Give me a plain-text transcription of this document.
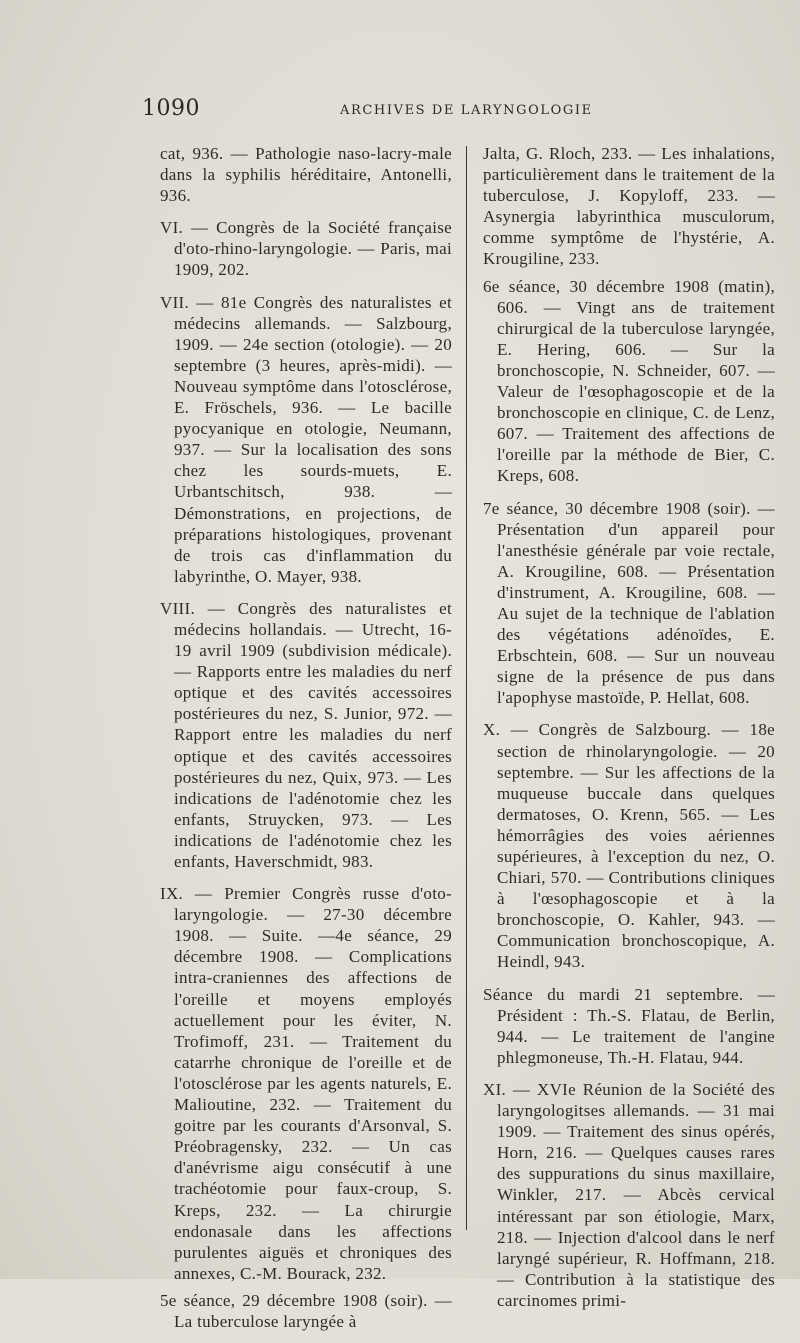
1090	ARCHIVES DE LARYNGOLOGIE

cat, 936. — Pathologie naso-lacry-male dans la syphilis héréditaire, Antonelli, 936.

VI. — Congrès de la Société française d'oto-rhino-laryngologie. — Paris, mai 1909, 202.

VII. — 81e Congrès des naturalistes et médecins allemands. — Salzbourg, 1909. — 24e section (otologie). — 20 septembre (3 heures, après-midi). — Nouveau symptôme dans l'otosclérose, E. Fröschels, 936. — Le bacille pyocyanique en otologie, Neumann, 937. — Sur la localisation des sons chez les sourds-muets, E. Urbantschitsch, 938. — Démonstrations, en projections, de préparations histologiques, provenant de trois cas d'inflammation du labyrinthe, O. Mayer, 938.

VIII. — Congrès des naturalistes et médecins hollandais. — Utrecht, 16-19 avril 1909 (subdivision médicale). — Rapports entre les maladies du nerf optique et des cavités accessoires postérieures du nez, S. Junior, 972. — Rapport entre les maladies du nerf optique et des cavités accessoires postérieures du nez, Quix, 973. — Les indications de l'adénotomie chez les enfants, Struycken, 973. — Les indications de l'adénotomie chez les enfants, Haverschmidt, 983.

IX. — Premier Congrès russe d'oto-laryngologie. — 27-30 décembre 1908. — Suite. —4e séance, 29 décembre 1908. — Complications intra-craniennes des affections de l'oreille et moyens employés actuellement pour les éviter, N. Trofimoff, 231. — Traitement du catarrhe chronique de l'oreille et de l'otosclérose par les agents naturels, E. Malioutine, 232. — Traitement du goitre par les courants d'Arsonval, S. Préobragensky, 232. — Un cas d'anévrisme aigu consécutif à une trachéotomie pour faux-croup, S. Kreps, 232. — La chirurgie endonasale dans les affections purulentes aiguës et chroniques des annexes, C.-M. Bourack, 232.

5e séance, 29 décembre 1908 (soir). — La tuberculose laryngée à

Jalta, G. Rloch, 233. — Les inhalations, particulièrement dans le traitement de la tuberculose, J. Kopyloff, 233. — Asynergia labyrinthica musculorum, comme symptôme de l'hystérie, A. Krougiline, 233.

6e séance, 30 décembre 1908 (matin), 606. — Vingt ans de traitement chirurgical de la tuberculose laryngée, E. Hering, 606. — Sur la bronchoscopie, N. Schneider, 607. — Valeur de l'œsophagoscopie et de la bronchoscopie en clinique, C. de Lenz, 607. — Traitement des affections de l'oreille par la méthode de Bier, C. Kreps, 608.

7e séance, 30 décembre 1908 (soir). — Présentation d'un appareil pour l'anesthésie générale par voie rectale, A. Krougiline, 608. — Présentation d'instrument, A. Krougiline, 608. — Au sujet de la technique de l'ablation des végétations adénoïdes, E. Erbschtein, 608. — Sur un nouveau signe de la présence de pus dans l'apophyse mastoïde, P. Hellat, 608.

X. — Congrès de Salzbourg. — 18e section de rhinolaryngologie. — 20 septembre. — Sur les affections de la muqueuse buccale dans quelques dermatoses, O. Krenn, 565. — Les hémorrâgies des voies aériennes supérieures, à l'exception du nez, O. Chiari, 570. — Contributions cliniques à l'œsophagoscopie et à la bronchoscopie, O. Kahler, 943. — Communication bronchoscopique, A. Heindl, 943.

Séance du mardi 21 septembre. — Président : Th.-S. Flatau, de Berlin, 944. — Le traitement de l'angine phlegmoneuse, Th.-H. Flatau, 944.

XI. — XVIe Réunion de la Société des laryngologitses allemands. — 31 mai 1909. — Traitement des sinus opérés, Horn, 216. — Quelques causes rares des suppurations du sinus maxillaire, Winkler, 217. — Abcès cervical intéressant par son étiologie, Marx, 218. — Injection d'alcool dans le nerf laryngé supérieur, R. Hoffmann, 218. — Contribution à la statistique des carcinomes primi-
